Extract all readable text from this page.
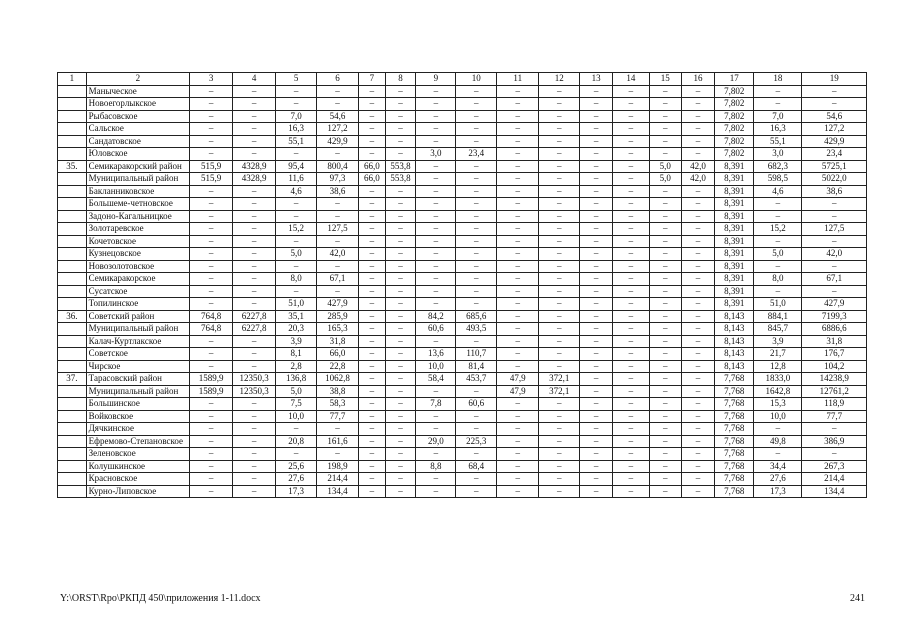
1	2	3	4	5	6	7	8	9	10	11	12	13	14	15	16	17	18	19
	Маныческое	–	–	–	–	–	–	–	–	–	–	–	–	–	–	7,802	–	–
	Новоегорлыкское	–	–	–	–	–	–	–	–	–	–	–	–	–	–	7,802	–	–
	Рыбасовское	–	–	7,0	54,6	–	–	–	–	–	–	–	–	–	–	7,802	7,0	54,6
	Сальское	–	–	16,3	127,2	–	–	–	–	–	–	–	–	–	–	7,802	16,3	127,2
	Сандатовское	–	–	55,1	429,9	–	–	–	–	–	–	–	–	–	–	7,802	55,1	429,9
	Юловское	–	–	–	–	–	–	3,0	23,4	–	–	–	–	–	–	7,802	3,0	23,4
35.	Семикаракорский район	515,9	4328,9	95,4	800,4	66,0	553,8	–	–	–	–	–	–	5,0	42,0	8,391	682,3	5725,1
	Муниципальный район	515,9	4328,9	11,6	97,3	66,0	553,8	–	–	–	–	–	–	5,0	42,0	8,391	598,5	5022,0
	Бакланниковское	–	–	4,6	38,6	–	–	–	–	–	–	–	–	–	–	8,391	4,6	38,6
	Большеме-четновское	–	–	–	–	–	–	–	–	–	–	–	–	–	–	8,391	–	–
	Задоно-Кагальницкое	–	–	–	–	–	–	–	–	–	–	–	–	–	–	8,391	–	–
	Золотаревское	–	–	15,2	127,5	–	–	–	–	–	–	–	–	–	–	8,391	15,2	127,5
	Кочетовское	–	–	–	–	–	–	–	–	–	–	–	–	–	–	8,391	–	–
	Кузнецовское	–	–	5,0	42,0	–	–	–	–	–	–	–	–	–	–	8,391	5,0	42,0
	Новозолотовское	–	–	–	–	–	–	–	–	–	–	–	–	–	–	8,391	–	–
	Семикаракорское	–	–	8,0	67,1	–	–	–	–	–	–	–	–	–	–	8,391	8,0	67,1
	Сусатское	–	–	–	–	–	–	–	–	–	–	–	–	–	–	8,391	–	–
	Топилинское	–	–	51,0	427,9	–	–	–	–	–	–	–	–	–	–	8,391	51,0	427,9
36.	Советский район	764,8	6227,8	35,1	285,9	–	–	84,2	685,6	–	–	–	–	–	–	8,143	884,1	7199,3
	Муниципальный район	764,8	6227,8	20,3	165,3	–	–	60,6	493,5	–	–	–	–	–	–	8,143	845,7	6886,6
	Калач-Куртлакское	–	–	3,9	31,8	–	–	–	–	–	–	–	–	–	–	8,143	3,9	31,8
	Советское	–	–	8,1	66,0	–	–	13,6	110,7	–	–	–	–	–	–	8,143	21,7	176,7
	Чирское	–	–	2,8	22,8	–	–	10,0	81,4	–	–	–	–	–	–	8,143	12,8	104,2
37.	Тарасовский район	1589,9	12350,3	136,8	1062,8	–	–	58,4	453,7	47,9	372,1	–	–	–	–	7,768	1833,0	14238,9
	Муниципальный район	1589,9	12350,3	5,0	38,8	–	–	–	–	47,9	372,1	–	–	–	–	7,768	1642,8	12761,2
	Большинское	–	–	7,5	58,3	–	–	7,8	60,6	–	–	–	–	–	–	7,768	15,3	118,9
	Войковское	–	–	10,0	77,7	–	–	–	–	–	–	–	–	–	–	7,768	10,0	77,7
	Дячкинское	–	–	–	–	–	–	–	–	–	–	–	–	–	–	7,768	–	–
	Ефремово-Степановское	–	–	20,8	161,6	–	–	29,0	225,3	–	–	–	–	–	–	7,768	49,8	386,9
	Зеленовское	–	–	–	–	–	–	–	–	–	–	–	–	–	–	7,768	–	–
	Колушкинское	–	–	25,6	198,9	–	–	8,8	68,4	–	–	–	–	–	–	7,768	34,4	267,3
	Красновское	–	–	27,6	214,4	–	–	–	–	–	–	–	–	–	–	7,768	27,6	214,4
	Курно-Липовское	–	–	17,3	134,4	–	–	–	–	–	–	–	–	–	–	7,768	17,3	134,4
Y:\ORST\Rpo\РКПД 450\приложения 1-11.docx	241
